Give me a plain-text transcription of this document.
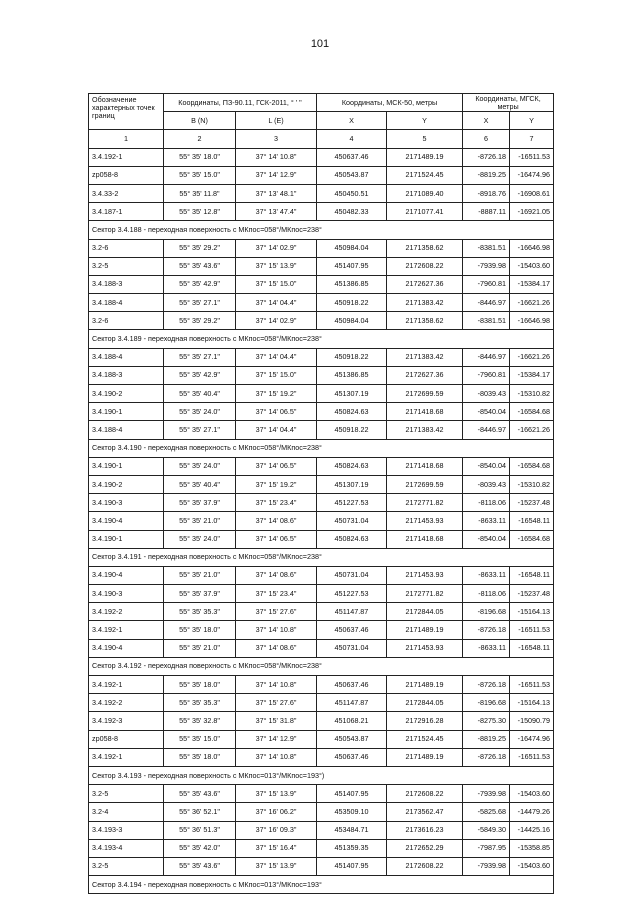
101
Обозначение характерных точек границ	Координаты, ПЗ-90.11, ГСК-2011, ° ' "		Координаты, МСК-50, метры		Координаты, МГСК, метры	
	B (N)	L (E)	X	Y	X	Y
1	2	3	4	5	6	7
3.4.192-1	55° 35' 18.0"	37° 14' 10.8"	450637.46	2171489.19	-8726.18	-16511.53
zp058-8	55° 35' 15.0"	37° 14' 12.9"	450543.87	2171524.45	-8819.25	-16474.96
3.4.33-2	55° 35' 11.8"	37° 13' 48.1"	450450.51	2171089.40	-8918.76	-16908.61
3.4.187-1	55° 35' 12.8"	37° 13' 47.4"	450482.33	2171077.41	-8887.11	-16921.05
Сектор 3.4.188 - переходная поверхность с МКпос=058°/МКпос=238°						
3.2-6	55° 35' 29.2"	37° 14' 02.9"	450984.04	2171358.62	-8381.51	-16646.98
3.2-5	55° 35' 43.6"	37° 15' 13.9"	451407.95	2172608.22	-7939.98	-15403.60
3.4.188-3	55° 35' 42.9"	37° 15' 15.0"	451386.85	2172627.36	-7960.81	-15384.17
3.4.188-4	55° 35' 27.1"	37° 14' 04.4"	450918.22	2171383.42	-8446.97	-16621.26
3.2-6	55° 35' 29.2"	37° 14' 02.9"	450984.04	2171358.62	-8381.51	-16646.98
Сектор 3.4.189 - переходная поверхность с МКпос=058°/МКпос=238°						
3.4.188-4	55° 35' 27.1"	37° 14' 04.4"	450918.22	2171383.42	-8446.97	-16621.26
3.4.188-3	55° 35' 42.9"	37° 15' 15.0"	451386.85	2172627.36	-7960.81	-15384.17
3.4.190-2	55° 35' 40.4"	37° 15' 19.2"	451307.19	2172699.59	-8039.43	-15310.82
3.4.190-1	55° 35' 24.0"	37° 14' 06.5"	450824.63	2171418.68	-8540.04	-16584.68
3.4.188-4	55° 35' 27.1"	37° 14' 04.4"	450918.22	2171383.42	-8446.97	-16621.26
Сектор 3.4.190 - переходная поверхность с МКпос=058°/МКпос=238°						
3.4.190-1	55° 35' 24.0"	37° 14' 06.5"	450824.63	2171418.68	-8540.04	-16584.68
3.4.190-2	55° 35' 40.4"	37° 15' 19.2"	451307.19	2172699.59	-8039.43	-15310.82
3.4.190-3	55° 35' 37.9"	37° 15' 23.4"	451227.53	2172771.82	-8118.06	-15237.48
3.4.190-4	55° 35' 21.0"	37° 14' 08.6"	450731.04	2171453.93	-8633.11	-16548.11
3.4.190-1	55° 35' 24.0"	37° 14' 06.5"	450824.63	2171418.68	-8540.04	-16584.68
Сектор 3.4.191 - переходная поверхность с МКпос=058°/МКпос=238°						
3.4.190-4	55° 35' 21.0"	37° 14' 08.6"	450731.04	2171453.93	-8633.11	-16548.11
3.4.190-3	55° 35' 37.9"	37° 15' 23.4"	451227.53	2172771.82	-8118.06	-15237.48
3.4.192-2	55° 35' 35.3"	37° 15' 27.6"	451147.87	2172844.05	-8196.68	-15164.13
3.4.192-1	55° 35' 18.0"	37° 14' 10.8"	450637.46	2171489.19	-8726.18	-16511.53
3.4.190-4	55° 35' 21.0"	37° 14' 08.6"	450731.04	2171453.93	-8633.11	-16548.11
Сектор 3.4.192 - переходная поверхность с МКпос=058°/МКпос=238°						
3.4.192-1	55° 35' 18.0"	37° 14' 10.8"	450637.46	2171489.19	-8726.18	-16511.53
3.4.192-2	55° 35' 35.3"	37° 15' 27.6"	451147.87	2172844.05	-8196.68	-15164.13
3.4.192-3	55° 35' 32.8"	37° 15' 31.8"	451068.21	2172916.28	-8275.30	-15090.79
zp058-8	55° 35' 15.0"	37° 14' 12.9"	450543.87	2171524.45	-8819.25	-16474.96
3.4.192-1	55° 35' 18.0"	37° 14' 10.8"	450637.46	2171489.19	-8726.18	-16511.53
Сектор 3.4.193 - переходная поверхность с МКпос=013°/МКпос=193°)						
3.2-5	55° 35' 43.6"	37° 15' 13.9"	451407.95	2172608.22	-7939.98	-15403.60
3.2-4	55° 36' 52.1"	37° 16' 06.2"	453509.10	2173562.47	-5825.68	-14479.26
3.4.193-3	55° 36' 51.3"	37° 16' 09.3"	453484.71	2173616.23	-5849.30	-14425.16
3.4.193-4	55° 35' 42.0"	37° 15' 16.4"	451359.35	2172652.29	-7987.95	-15358.85
3.2-5	55° 35' 43.6"	37° 15' 13.9"	451407.95	2172608.22	-7939.98	-15403.60
Сектор 3.4.194 - переходная поверхность с МКпос=013°/МКпос=193°						
